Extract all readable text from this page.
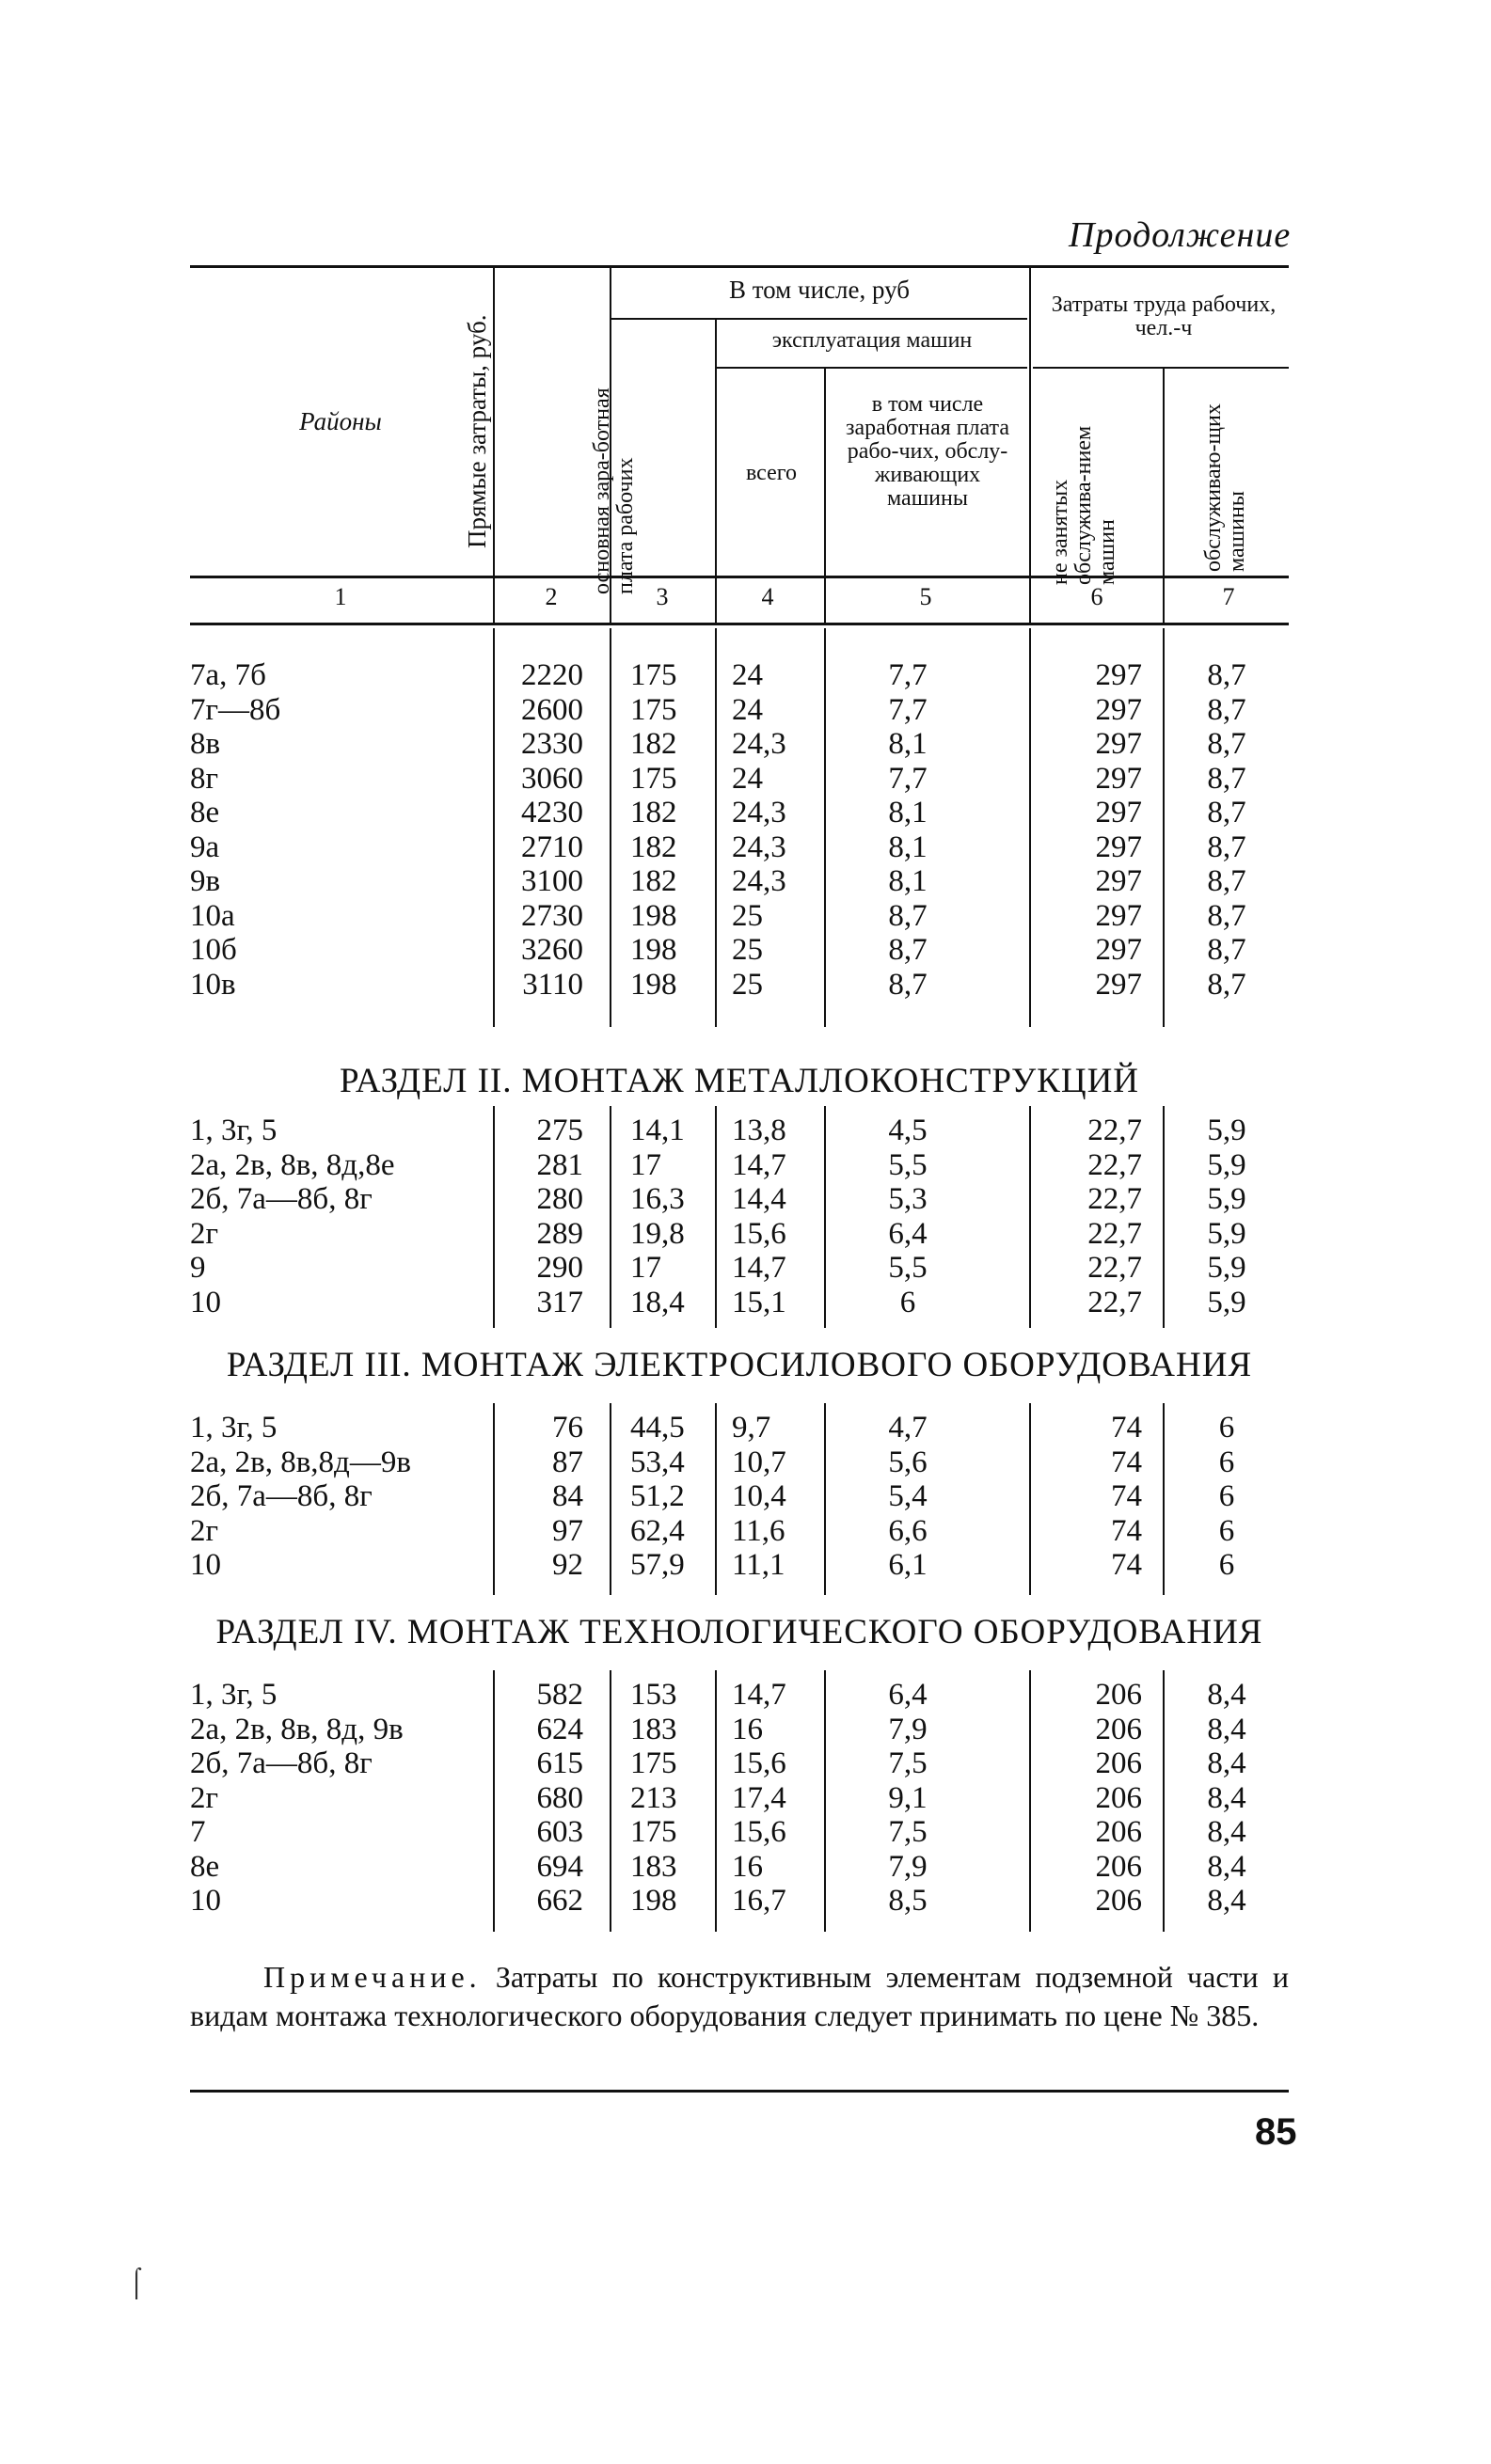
Продолжение
Районы	Прямые затраты, руб.
В том числе, руб
основная зара-ботная плата рабочих
эксплуатация машин
всего
в том числе заработная плата рабо-чих, обслу-живающих машины
Затраты труда рабочих, чел.-ч
не занятых обслужива-нием машин	обслуживаю-щих машины
1	2	3	4	5	6	7
7а, 7б	2220 175	24	7,7	297	8,7
7г—8б	2600 175	24	7,7	297	8,7
8в	2330 182	24,3	8,1	297	8,7
8г	3060 175	24	7,7	297	8,7
8е	4230 182	24,3	8,1	297	8,7
9а	2710 182	24,3	8,1	297	8,7
9в	3100 182	24,3	8,1	297	8,7
10а	2730 198	25	8,7	297	8,7
10б	3260 198	25	8,7	297	8,7
10в	3110 198	25	8,7	297	8,7
РАЗДЕЛ II. МОНТАЖ МЕТАЛЛОКОНСТРУКЦИЙ
1, 3г, 5	275 14,1	13,8	4,5	22,7	5,9
2а, 2в, 8в, 8д,8е	281 17	14,7	5,5	22,7	5,9
2б, 7а—8б, 8г	280 16,3	14,4	5,3	22,7	5,9
2г	289 19,8	15,6	6,4	22,7	5,9
9	290 17	14,7	5,5	22,7	5,9
10	317 18,4	15,1	6	22,7	5,9
РАЗДЕЛ III. МОНТАЖ ЭЛЕКТРОСИЛОВОГО ОБОРУДОВАНИЯ
1, 3г, 5	76 44,5	9,7	4,7	74	6
2а, 2в, 8в,8д—9в	87 53,4	10,7	5,6	74	6
2б, 7а—8б, 8г	84 51,2	10,4	5,4	74	6
2г	97 62,4	11,6	6,6	74	6
10	92 57,9	11,1	6,1	74	6
РАЗДЕЛ IV. МОНТАЖ ТЕХНОЛОГИЧЕСКОГО ОБОРУДОВАНИЯ
1, 3г, 5	582 153	14,7	6,4	206	8,4
2а, 2в, 8в, 8д, 9в	624 183	16	7,9	206	8,4
2б, 7а—8б, 8г	615 175	15,6	7,5	206	8,4
2г	680 213	17,4	9,1	206	8,4
7	603 175	15,6	7,5	206	8,4
8е	694 183	16	7,9	206	8,4
10	662 198	16,7	8,5	206	8,4
Примечание. Затраты по конструктивным элементам подземной части и видам монтажа технологического оборудования следует принимать по цене № 385.
85
⌠
